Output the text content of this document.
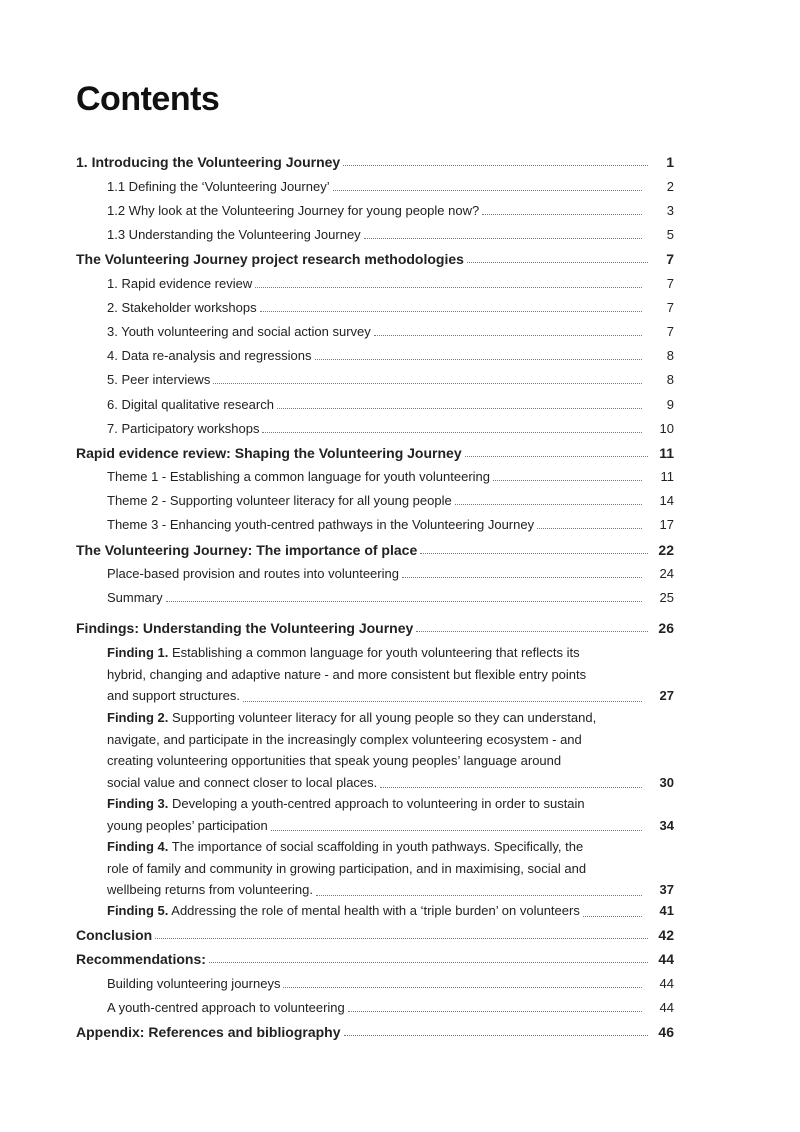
Contents
1. Introducing the Volunteering Journey	1
1.1 Defining the ‘Volunteering Journey’	2
1.2 Why look at the Volunteering Journey for young people now?	3
1.3 Understanding the Volunteering Journey	5
The Volunteering Journey project research methodologies	7
1. Rapid evidence review	7
2. Stakeholder workshops	7
3. Youth volunteering and social action survey	7
4. Data re-analysis and regressions	8
5. Peer interviews	8
6. Digital qualitative research	9
7. Participatory workshops	10
Rapid evidence review: Shaping the Volunteering Journey	11
Theme 1 - Establishing a common language for youth volunteering	11
Theme 2 - Supporting volunteer literacy for all young people	14
Theme 3 - Enhancing youth-centred pathways in the Volunteering Journey	17
The Volunteering Journey: The importance of place	22
Place-based provision and routes into volunteering	24
Summary	25
Findings: Understanding the Volunteering Journey	26
Finding 1. Establishing a common language for youth volunteering that reflects its
hybrid, changing and adaptive nature - and more consistent but flexible entry points
and support structures.	27
Finding 2. Supporting volunteer literacy for all young people so they can understand,
navigate, and participate in the increasingly complex volunteering ecosystem - and
creating volunteering opportunities that speak young peoples’ language around
social value and connect closer to local places.	30
Finding 3. Developing a youth-centred approach to volunteering in order to sustain
young peoples’ participation	34
Finding 4. The importance of social scaffolding in youth pathways. Specifically, the
role of family and community in growing participation, and in maximising, social and
wellbeing returns from volunteering.	37
Finding 5. Addressing the role of mental health with a ‘triple burden’ on volunteers	41
Conclusion	42
Recommendations:	44
Building volunteering journeys	44
A youth-centred approach to volunteering	44
Appendix: References and bibliography	46
